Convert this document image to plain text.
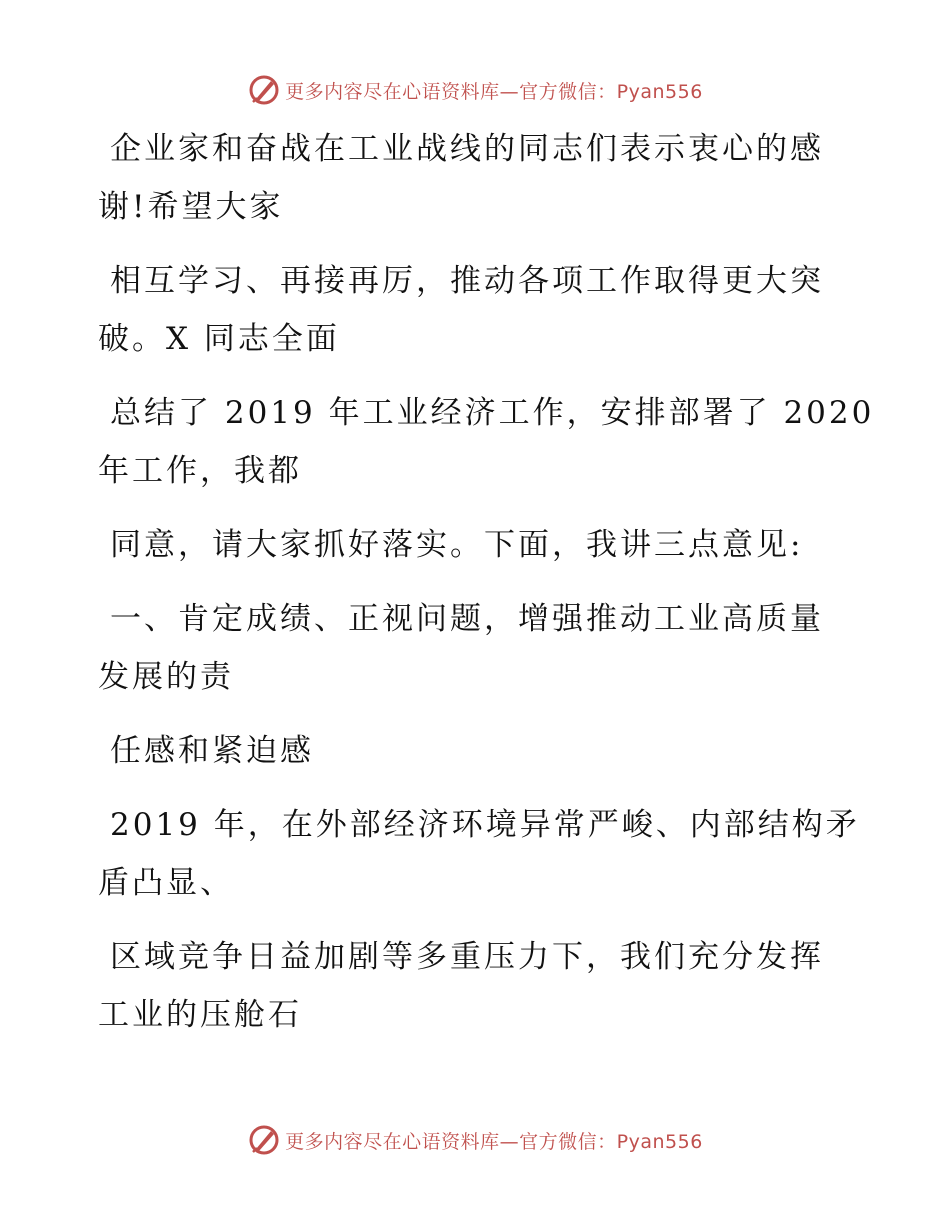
更多内容尽在心语资料库—官方微信：Pyan556
企业家和奋战在工业战线的同志们表示衷心的感
谢!希望大家
相互学习、再接再厉，推动各项工作取得更大突
破。X 同志全面
总结了 2019 年工业经济工作，安排部署了 2020
年工作，我都
同意，请大家抓好落实。下面，我讲三点意见:
一、肯定成绩、正视问题，增强推动工业高质量
发展的责
任感和紧迫感
2019 年，在外部经济环境异常严峻、内部结构矛
盾凸显、
区域竞争日益加剧等多重压力下，我们充分发挥
工业的压舱石
更多内容尽在心语资料库—官方微信：Pyan556
